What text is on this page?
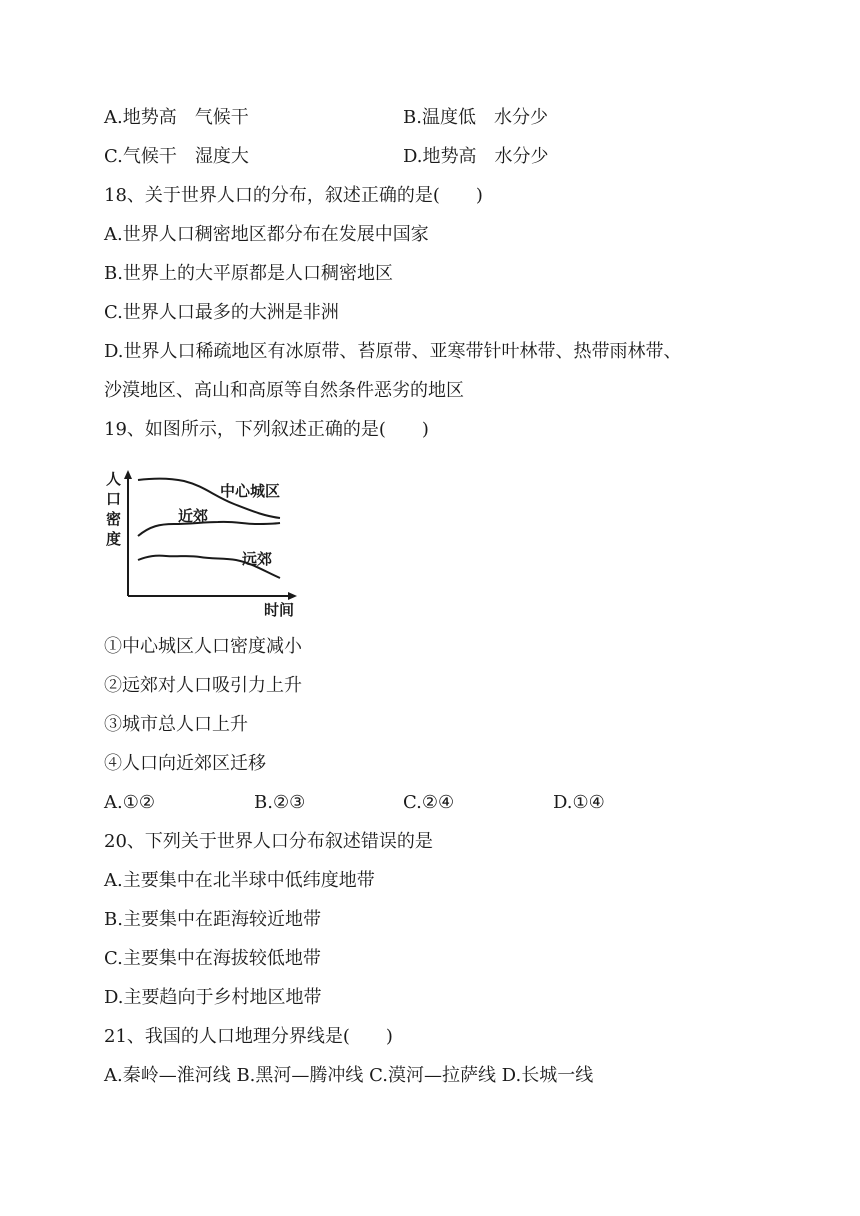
A.地势高　气候干	B.温度低　水分少
C.气候干　湿度大	D.地势高　水分少
18、关于世界人口的分布，叙述正确的是(　　)
A.世界人口稠密地区都分布在发展中国家
B.世界上的大平原都是人口稠密地区
C.世界人口最多的大洲是非洲
D.世界人口稀疏地区有冰原带、苔原带、亚寒带针叶林带、热带雨林带、
沙漠地区、高山和高原等自然条件恶劣的地区
19、如图所示，下列叙述正确的是(　　)
人
口
密
度
时间
中心城区
近郊
远郊
①中心城区人口密度减小
②远郊对人口吸引力上升
③城市总人口上升
④人口向近郊区迁移
A.①②	B.②③	C.②④	D.①④
20、下列关于世界人口分布叙述错误的是
A.主要集中在北半球中低纬度地带
B.主要集中在距海较近地带
C.主要集中在海拔较低地带
D.主要趋向于乡村地区地带
21、我国的人口地理分界线是(　　)
A.秦岭—淮河线 B.黑河—腾冲线 C.漠河—拉萨线 D.长城一线
